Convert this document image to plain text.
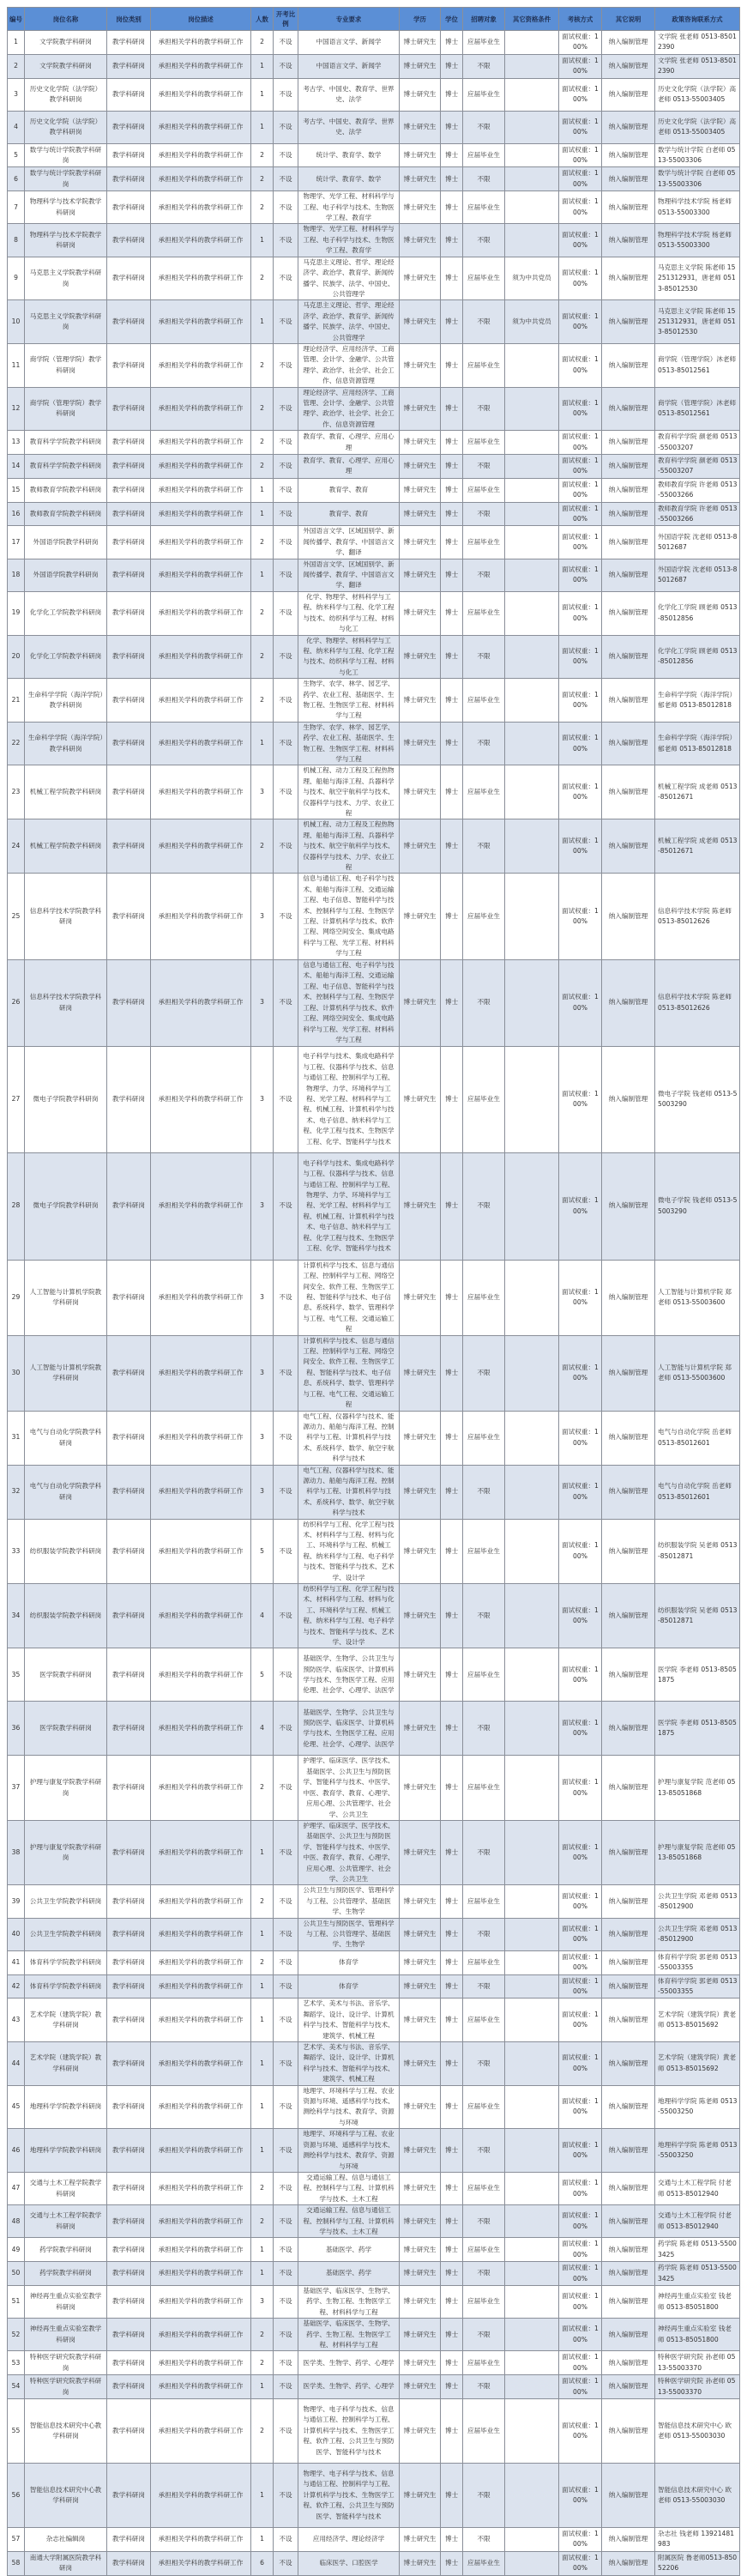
编号	岗位名称	岗位类别	岗位描述	人数	开考比例	专业要求	学历	学位	招聘对象	其它资格条件	考核方式	其它说明	政策咨询联系方式
1	文学院教学科研岗	教学科研岗	承担相关学科的教学科研工作	2	不设	中国语言文学、新闻学	博士研究生	博士	应届毕业生		面试权重：100%	纳入编制管理	文学院 张老师 0513-85012390
2	文学院教学科研岗	教学科研岗	承担相关学科的教学科研工作	1	不设	中国语言文学、新闻学	博士研究生	博士	不限		面试权重：100%	纳入编制管理	文学院 张老师 0513-85012390
3	历史文化学院（法学院）教学科研岗	教学科研岗	承担相关学科的教学科研工作	1	不设	考古学、中国史、教育学、世界史、法学	博士研究生	博士	应届毕业生		面试权重：100%	纳入编制管理	历史文化学院（法学院）高老师 0513-55003405
4	历史文化学院（法学院）教学科研岗	教学科研岗	承担相关学科的教学科研工作	1	不设	考古学、中国史、教育学、世界史、法学	博士研究生	博士	不限		面试权重：100%	纳入编制管理	历史文化学院（法学院）高老师 0513-55003405
5	数学与统计学院教学科研岗	教学科研岗	承担相关学科的教学科研工作	2	不设	统计学、教育学、数学	博士研究生	博士	应届毕业生		面试权重：100%	纳入编制管理	数学与统计学院 白老师 0513-55003306
6	数学与统计学院教学科研岗	教学科研岗	承担相关学科的教学科研工作	2	不设	统计学、教育学、数学	博士研究生	博士	不限		面试权重：100%	纳入编制管理	数学与统计学院 白老师 0513-55003306
7	物理科学与技术学院教学科研岗	教学科研岗	承担相关学科的教学科研工作	2	不设	物理学、光学工程、材料科学与工程、电子科学与技术、生物医学工程、教育学	博士研究生	博士	应届毕业生		面试权重：100%	纳入编制管理	物理科学技术学院 杨老师 0513-55003300
8	物理科学与技术学院教学科研岗	教学科研岗	承担相关学科的教学科研工作	1	不设	物理学、光学工程、材料科学与工程、电子科学与技术、生物医学工程、教育学	博士研究生	博士	不限		面试权重：100%	纳入编制管理	物理科学技术学院 杨老师 0513-55003300
9	马克思主义学院教学科研岗	教学科研岗	承担相关学科的教学科研工作	2	不设	马克思主义理论、哲学、理论经济学、政治学、教育学、新闻传播学、民族学、法学、中国史、公共管理学	博士研究生	博士	应届毕业生	须为中共党员	面试权重：100%	纳入编制管理	马克思主义学院 陈老师 15251312931，唐老师 0513-85012530
10	马克思主义学院教学科研岗	教学科研岗	承担相关学科的教学科研工作	1	不设	马克思主义理论、哲学、理论经济学、政治学、教育学、新闻传播学、民族学、法学、中国史、公共管理学	博士研究生	博士	不限	须为中共党员	面试权重：100%	纳入编制管理	马克思主义学院 陈老师 15251312931，唐老师 0513-85012530
11	商学院（管理学院）教学科研岗	教学科研岗	承担相关学科的教学科研工作	2	不设	理论经济学、应用经济学、工商管理、会计学、金融学、公共管理学、政治学、社会学、社会工作、信息资源管理	博士研究生	博士	应届毕业生		面试权重：100%	纳入编制管理	商学院（管理学院）沐老师 0513-85012561
12	商学院（管理学院）教学科研岗	教学科研岗	承担相关学科的教学科研工作	2	不设	理论经济学、应用经济学、工商管理、会计学、金融学、公共管理学、政治学、社会学、社会工作、信息资源管理	博士研究生	博士	不限		面试权重：100%	纳入编制管理	商学院（管理学院）沐老师 0513-85012561
13	教育科学学院教学科研岗	教学科研岗	承担相关学科的教学科研工作	2	不设	教育学、教育、心理学、应用心理	博士研究生	博士	应届毕业生		面试权重：100%	纳入编制管理	教育科学学院 颜老师 0513-55003207
14	教育科学学院教学科研岗	教学科研岗	承担相关学科的教学科研工作	2	不设	教育学、教育、心理学、应用心理	博士研究生	博士	不限		面试权重：100%	纳入编制管理	教育科学学院 颜老师 0513-55003207
15	教师教育学院教学科研岗	教学科研岗	承担相关学科的教学科研工作	1	不设	教育学、教育	博士研究生	博士	应届毕业生		面试权重：100%	纳入编制管理	教师教育学院 许老师 0513-55003266
16	教师教育学院教学科研岗	教学科研岗	承担相关学科的教学科研工作	1	不设	教育学、教育	博士研究生	博士	不限		面试权重：100%	纳入编制管理	教师教育学院 许老师 0513-55003266
17	外国语学院教学科研岗	教学科研岗	承担相关学科的教学科研工作	2	不设	外国语言文学、区域国别学、新闻传播学、教育学、中国语言文学、翻译	博士研究生	博士	应届毕业生		面试权重：100%	纳入编制管理	外国语学院 沈老师 0513-85012687
18	外国语学院教学科研岗	教学科研岗	承担相关学科的教学科研工作	1	不设	外国语言文学、区域国别学、新闻传播学、教育学、中国语言文学、翻译	博士研究生	博士	不限		面试权重：100%	纳入编制管理	外国语学院 沈老师 0513-85012687
19	化学化工学院教学科研岗	教学科研岗	承担相关学科的教学科研工作	2	不设	化学、物理学、材料科学与工程、纳米科学与工程、化学工程与技术、纺织科学与工程、材料与化工	博士研究生	博士	应届毕业生		面试权重：100%	纳入编制管理	化学化工学院 顾老师 0513-85012856
20	化学化工学院教学科研岗	教学科研岗	承担相关学科的教学科研工作	2	不设	化学、物理学、材料科学与工程、纳米科学与工程、化学工程与技术、纺织科学与工程、材料与化工	博士研究生	博士	不限		面试权重：100%	纳入编制管理	化学化工学院 顾老师 0513-85012856
21	生命科学学院（海洋学院）教学科研岗	教学科研岗	承担相关学科的教学科研工作	2	不设	生物学、农学、林学、园艺学、药学、农业工程、基础医学、生物工程、生物医学工程、材料科学与工程	博士研究生	博士	应届毕业生		面试权重：100%	纳入编制管理	生命科学学院（海洋学院）郁老师 0513-85012818
22	生命科学学院（海洋学院）教学科研岗	教学科研岗	承担相关学科的教学科研工作	1	不设	生物学、农学、林学、园艺学、药学、农业工程、基础医学、生物工程、生物医学工程、材料科学与工程	博士研究生	博士	不限		面试权重：100%	纳入编制管理	生命科学学院（海洋学院）郁老师 0513-85012818
23	机械工程学院教学科研岗	教学科研岗	承担相关学科的教学科研工作	3	不设	机械工程、动力工程及工程热物理、船舶与海洋工程、兵器科学与技术、航空宇航科学与技术、仪器科学与技术、力学、农业工程	博士研究生	博士	应届毕业生		面试权重：100%	纳入编制管理	机械工程学院 成老师 0513-85012671
24	机械工程学院教学科研岗	教学科研岗	承担相关学科的教学科研工作	2	不设	机械工程、动力工程及工程热物理、船舶与海洋工程、兵器科学与技术、航空宇航科学与技术、仪器科学与技术、力学、农业工程	博士研究生	博士	不限		面试权重：100%	纳入编制管理	机械工程学院 成老师 0513-85012671
25	信息科学技术学院教学科研岗	教学科研岗	承担相关学科的教学科研工作	3	不设	信息与通信工程、电子科学与技术、船舶与海洋工程、交通运输工程、电子信息、智能科学与技术、控制科学与工程、生物医学工程、计算机科学与技术、软件工程、网络空间安全、集成电路科学与工程、光学工程、材料科学与工程	博士研究生	博士	应届毕业生		面试权重：100%	纳入编制管理	信息科学技术学院 陈老师 0513-85012626
26	信息科学技术学院教学科研岗	教学科研岗	承担相关学科的教学科研工作	3	不设	信息与通信工程、电子科学与技术、船舶与海洋工程、交通运输工程、电子信息、智能科学与技术、控制科学与工程、生物医学工程、计算机科学与技术、软件工程、网络空间安全、集成电路科学与工程、光学工程、材料科学与工程	博士研究生	博士	不限		面试权重：100%	纳入编制管理	信息科学技术学院 陈老师 0513-85012626
27	微电子学院教学科研岗	教学科研岗	承担相关学科的教学科研工作	3	不设	电子科学与技术、集成电路科学与工程、仪器科学与技术、信息与通信工程、控制科学与工程、物理学、力学、环境科学与工程、光学工程、材料科学与工程、机械工程、计算机科学与技术、电子信息、纳米科学与工程、化学工程与技术、生物医学工程、化学、智能科学与技术	博士研究生	博士	应届毕业生		面试权重：100%	纳入编制管理	微电子学院 钱老师 0513-55003290
28	微电子学院教学科研岗	教学科研岗	承担相关学科的教学科研工作	3	不设	电子科学与技术、集成电路科学与工程、仪器科学与技术、信息与通信工程、控制科学与工程、物理学、力学、环境科学与工程、光学工程、材料科学与工程、机械工程、计算机科学与技术、电子信息、纳米科学与工程、化学工程与技术、生物医学工程、化学、智能科学与技术	博士研究生	博士	不限		面试权重：100%	纳入编制管理	微电子学院 钱老师 0513-55003290
29	人工智能与计算机学院教学科研岗	教学科研岗	承担相关学科的教学科研工作	3	不设	计算机科学与技术、信息与通信工程、控制科学与工程、网络空间安全、软件工程、生物医学工程、智能科学与技术、电子信息、系统科学、数学、管理科学与工程、电气工程、交通运输工程	博士研究生	博士	应届毕业生		面试权重：100%	纳入编制管理	人工智能与计算机学院 郑老师 0513-55003600
30	人工智能与计算机学院教学科研岗	教学科研岗	承担相关学科的教学科研工作	3	不设	计算机科学与技术、信息与通信工程、控制科学与工程、网络空间安全、软件工程、生物医学工程、智能科学与技术、电子信息、系统科学、数学、管理科学与工程、电气工程、交通运输工程	博士研究生	博士	不限		面试权重：100%	纳入编制管理	人工智能与计算机学院 郑老师 0513-55003600
31	电气与自动化学院教学科研岗	教学科研岗	承担相关学科的教学科研工作	3	不设	电气工程、仪器科学与技术、能源动力、船舶与海洋工程、控制科学与工程、计算机科学与技术、系统科学、数学、航空宇航科学与技术	博士研究生	博士	应届毕业生		面试权重：100%	纳入编制管理	电气与自动化学院 岳老师 0513-85012601
32	电气与自动化学院教学科研岗	教学科研岗	承担相关学科的教学科研工作	3	不设	电气工程、仪器科学与技术、能源动力、船舶与海洋工程、控制科学与工程、计算机科学与技术、系统科学、数学、航空宇航科学与技术	博士研究生	博士	不限		面试权重：100%	纳入编制管理	电气与自动化学院 岳老师 0513-85012601
33	纺织服装学院教学科研岗	教学科研岗	承担相关学科的教学科研工作	5	不设	纺织科学与工程、化学工程与技术、材料科学与工程、材料与化工、环境科学与工程、机械工程、纳米科学与工程、电子科学与技术、智能科学与技术、艺术学、设计学	博士研究生	博士	应届毕业生		面试权重：100%	纳入编制管理	纺织服装学院 吴老师 0513-85012871
34	纺织服装学院教学科研岗	教学科研岗	承担相关学科的教学科研工作	4	不设	纺织科学与工程、化学工程与技术、材料科学与工程、材料与化工、环境科学与工程、机械工程、纳米科学与工程、电子科学与技术、智能科学与技术、艺术学、设计学	博士研究生	博士	不限		面试权重：100%	纳入编制管理	纺织服装学院 吴老师 0513-85012871
35	医学院教学科研岗	教学科研岗	承担相关学科的教学科研工作	5	不设	基础医学、生物学、公共卫生与预防医学、临床医学、计算机科学与技术、生物医学工程、应用伦理、社会学、心理学、法医学	博士研究生	博士	应届毕业生		面试权重：100%	纳入编制管理	医学院 李老师 0513-85051875
36	医学院教学科研岗	教学科研岗	承担相关学科的教学科研工作	4	不设	基础医学、生物学、公共卫生与预防医学、临床医学、计算机科学与技术、生物医学工程、应用伦理、社会学、心理学、法医学	博士研究生	博士	不限		面试权重：100%	纳入编制管理	医学院 李老师 0513-85051875
37	护理与康复学院教学科研岗	教学科研岗	承担相关学科的教学科研工作	2	不设	护理学、临床医学、医学技术、基础医学、公共卫生与预防医学、智能科学与技术、中医学、中医、教育学、教育、心理学、应用心理、公共管理学、社会学、公共卫生	博士研究生	博士	应届毕业生		面试权重：100%	纳入编制管理	护理与康复学院 范老师 0513-85051868
38	护理与康复学院教学科研岗	教学科研岗	承担相关学科的教学科研工作	1	不设	护理学、临床医学、医学技术、基础医学、公共卫生与预防医学、智能科学与技术、中医学、中医、教育学、教育、心理学、应用心理、公共管理学、社会学、公共卫生	博士研究生	博士	不限		面试权重：100%	纳入编制管理	护理与康复学院 范老师 0513-85051868
39	公共卫生学院教学科研岗	教学科研岗	承担相关学科的教学科研工作	2	不设	公共卫生与预防医学、管理科学与工程、公共管理学、基础医学、生物学	博士研究生	博士	应届毕业生		面试权重：100%	纳入编制管理	公共卫生学院 邓老师 0513-85012900
40	公共卫生学院教学科研岗	教学科研岗	承担相关学科的教学科研工作	1	不设	公共卫生与预防医学、管理科学与工程、公共管理学、基础医学、生物学	博士研究生	博士	不限		面试权重：100%	纳入编制管理	公共卫生学院 邓老师 0513-85012900
41	体育科学学院教学科研岗	教学科研岗	承担相关学科的教学科研工作	2	不设	体育学	博士研究生	博士	应届毕业生		面试权重：100%	纳入编制管理	体育科学学院 郭老师 0513-55003355
42	体育科学学院教学科研岗	教学科研岗	承担相关学科的教学科研工作	1	不设	体育学	博士研究生	博士	不限		面试权重：100%	纳入编制管理	体育科学学院 郭老师 0513-55003355
43	艺术学院（建筑学院）教学科研岗	教学科研岗	承担相关学科的教学科研工作	1	不设	艺术学、美术与书法、音乐学、舞蹈学、设计、设计学、计算机科学与技术、智能科学与技术、建筑学、机械工程	博士研究生	博士	应届毕业生		面试权重：100%	纳入编制管理	艺术学院（建筑学院）黄老师 0513-85015692
44	艺术学院（建筑学院）教学科研岗	教学科研岗	承担相关学科的教学科研工作	1	不设	艺术学、美术与书法、音乐学、舞蹈学、设计、设计学、计算机科学与技术、智能科学与技术、建筑学、机械工程	博士研究生	博士	不限		面试权重：100%	纳入编制管理	艺术学院（建筑学院）黄老师 0513-85015692
45	地理科学学院教学科研岗	教学科研岗	承担相关学科的教学科研工作	1	不设	地理学、环境科学与工程、农业资源与环境、遥感科学与技术、测绘科学与技术、教育学、资源与环境	博士研究生	博士	应届毕业生		面试权重：100%	纳入编制管理	地理科学学院 陈老师 0513-55003250
46	地理科学学院教学科研岗	教学科研岗	承担相关学科的教学科研工作	1	不设	地理学、环境科学与工程、农业资源与环境、遥感科学与技术、测绘科学与技术、教育学、资源与环境	博士研究生	博士	不限		面试权重：100%	纳入编制管理	地理科学学院 陈老师 0513-55003250
47	交通与土木工程学院教学科研岗	教学科研岗	承担相关学科的教学科研工作	2	不设	交通运输工程、信息与通信工程、控制科学与工程、计算机科学与技术、土木工程	博士研究生	博士	应届毕业生		面试权重：100%	纳入编制管理	交通与土木工程学院 付老师 0513-85012940
48	交通与土木工程学院教学科研岗	教学科研岗	承担相关学科的教学科研工作	2	不设	交通运输工程、信息与通信工程、控制科学与工程、计算机科学与技术、土木工程	博士研究生	博士	不限		面试权重：100%	纳入编制管理	交通与土木工程学院 付老师 0513-85012940
49	药学院教学科研岗	教学科研岗	承担相关学科的教学科研工作	1	不设	基础医学、药学	博士研究生	博士	应届毕业生		面试权重：100%	纳入编制管理	药学院 陈老师 0513-55003425
50	药学院教学科研岗	教学科研岗	承担相关学科的教学科研工作	1	不设	基础医学、药学	博士研究生	博士	不限		面试权重：100%	纳入编制管理	药学院 陈老师 0513-55003425
51	神经再生重点实验室教学科研岗	教学科研岗	承担相关学科的教学科研工作	3	不设	基础医学、临床医学、生物学、药学、生物工程、生物医学工程、材料科学与工程	博士研究生	博士	应届毕业生		面试权重：100%	纳入编制管理	神经再生重点实验室 钱老师 0513-85051800
52	神经再生重点实验室教学科研岗	教学科研岗	承担相关学科的教学科研工作	2	不设	基础医学、临床医学、生物学、药学、生物工程、生物医学工程、材料科学与工程	博士研究生	博士	不限		面试权重：100%	纳入编制管理	神经再生重点实验室 钱老师 0513-85051800
53	特种医学研究院教学科研岗	教学科研岗	承担相关学科的教学科研工作	2	不设	医学类、生物学、药学、心理学	博士研究生	博士	应届毕业生		面试权重：100%	纳入编制管理	特种医学研究院 孙老师 0513-55003370
54	特种医学研究院教学科研岗	教学科研岗	承担相关学科的教学科研工作	1	不设	医学类、生物学、药学、心理学	博士研究生	博士	不限		面试权重：100%	纳入编制管理	特种医学研究院 孙老师 0513-55003370
55	智能信息技术研究中心教学科研岗	教学科研岗	承担相关学科的教学科研工作	2	不设	物理学、电子科学与技术、信息与通信工程、控制科学与工程、计算机科学与技术、生物医学工程、软件工程、公共卫生与预防医学、智能科学与技术	博士研究生	博士	应届毕业生		面试权重：100%	纳入编制管理	智能信息技术研究中心 欧老师 0513-55003030
56	智能信息技术研究中心教学科研岗	教学科研岗	承担相关学科的教学科研工作	1	不设	物理学、电子科学与技术、信息与通信工程、控制科学与工程、计算机科学与技术、生物医学工程、软件工程、公共卫生与预防医学、智能科学与技术	博士研究生	博士	不限		面试权重：100%	纳入编制管理	智能信息技术研究中心 欧老师 0513-55003030
57	杂志社编辑岗	教学科研岗	承担相关学科的教学科研工作	1	不设	应用经济学、理论经济学	博士研究生	博士	不限		面试权重：100%	纳入编制管理	杂志社 钱老师 13921481983
58	南通大学附属医院教学科研岗	教学科研岗	承担相关学科的教学科研工作	6	不设	临床医学、口腔医学	博士研究生	博士	应届毕业生		面试权重：100%	纳入编制管理	附属医院 鲁老师0513-85052206
